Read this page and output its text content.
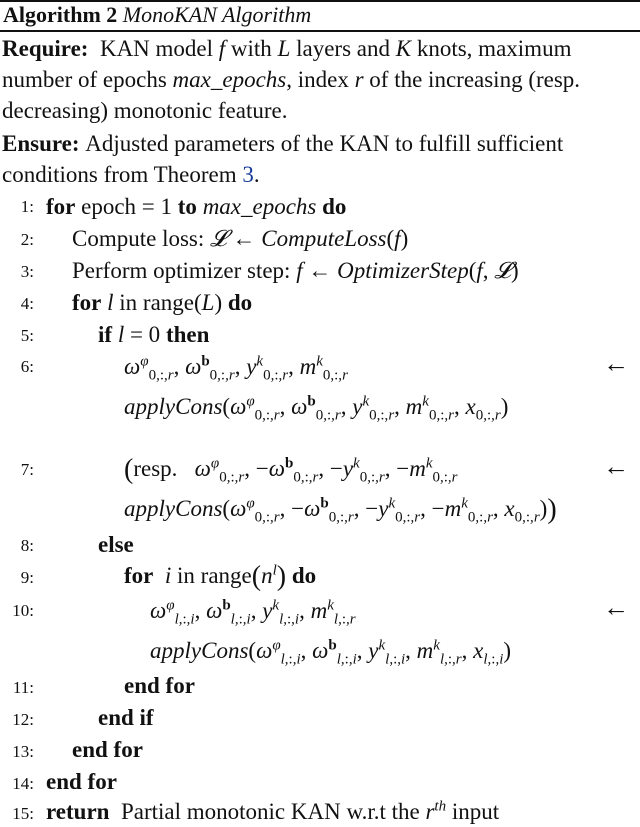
Algorithm 2 MonoKAN Algorithm
Require:  KAN model f with L layers and K knots, maximum number of epochs max_epochs, index r of the increasing (resp. decreasing) monotonic feature.
Ensure: Adjusted parameters of the KAN to fulfill sufficient conditions from Theorem 3.
1: for epoch = 1 to max_epochs do
2: Compute loss: 𝓛 ← ComputeLoss(f)
3: Perform optimizer step: f ← OptimizerStep(f, 𝓛)
4: for l in range(L) do
5:	if l = 0 then
6:	$\omega^\varphi_{0,:,r}$, $\omega^b_{0,:,r}$, $y^k_{0,:,r}$, $m^k_{0,:,r}$	←
$applyCons(\omega^\varphi_{0,:,r}$, $\omega^b_{0,:,r}$, $y^k_{0,:,r}$, $m^k_{0,:,r}$, $x_{0,:,r}$)
7:	(resp.   $\omega^\varphi_{0,:,r}$, $-\omega^b_{0,:,r}$, $-y^k_{0,:,r}$, $-m^k_{0,:,r}$	←
$applyCons(\omega^\varphi_{0,:,r}$, $-\omega^b_{0,:,r}$, $-y^k_{0,:,r}$, $-m^k_{0,:,r}$, $x_{0,:,r}$))
8:	else
9:	for i in $range(n^l)$ do
10:	$\omega^\varphi_{l,:,i}$, $\omega^b_{l,:,i}$, $y^k_{l,:,i}$, $m^k_{l,:,r}$	←
$applyCons(\omega^\varphi_{l,:,i}$, $\omega^b_{l,:,i}$, $y^k_{l,:,i}$, $m^k_{l,:,r}$, $x_{l,:,i}$)
11:	end for
12:	end if
13: end for
14: end for
15: return  Partial monotonic KAN w.r.t the $r^{th}$ input
